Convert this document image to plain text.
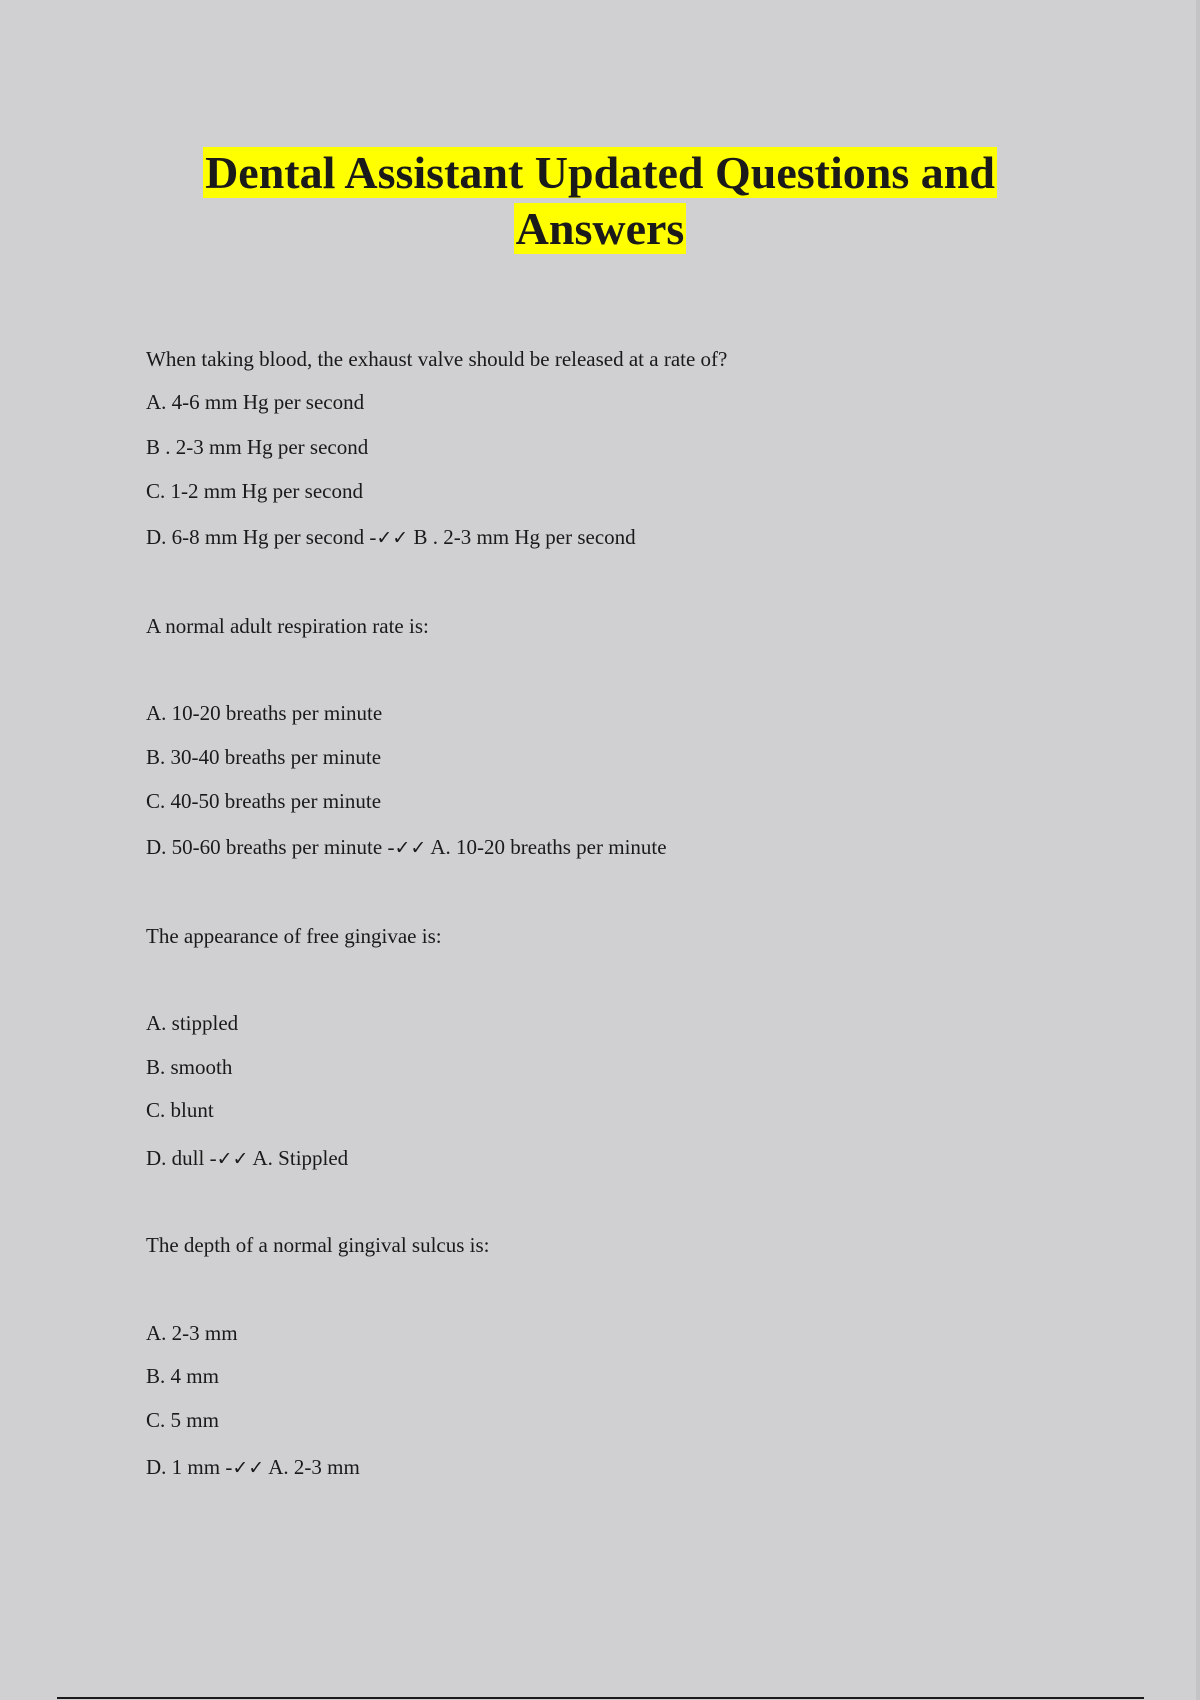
Dental Assistant Updated Questions and
Answers
When taking blood, the exhaust valve should be released at a rate of?
A. 4-6 mm Hg per second
B . 2-3 mm Hg per second
C. 1-2 mm Hg per second
D. 6-8 mm Hg per second -✓✓ B . 2-3 mm Hg per second
A normal adult respiration rate is:
A. 10-20 breaths per minute
B. 30-40 breaths per minute
C. 40-50 breaths per minute
D. 50-60 breaths per minute -✓✓ A. 10-20 breaths per minute
The appearance of free gingivae is:
A. stippled
B. smooth
C. blunt
D. dull -✓✓ A. Stippled
The depth of a normal gingival sulcus is:
A. 2-3 mm
B. 4 mm
C. 5 mm
D. 1 mm -✓✓ A. 2-3 mm
